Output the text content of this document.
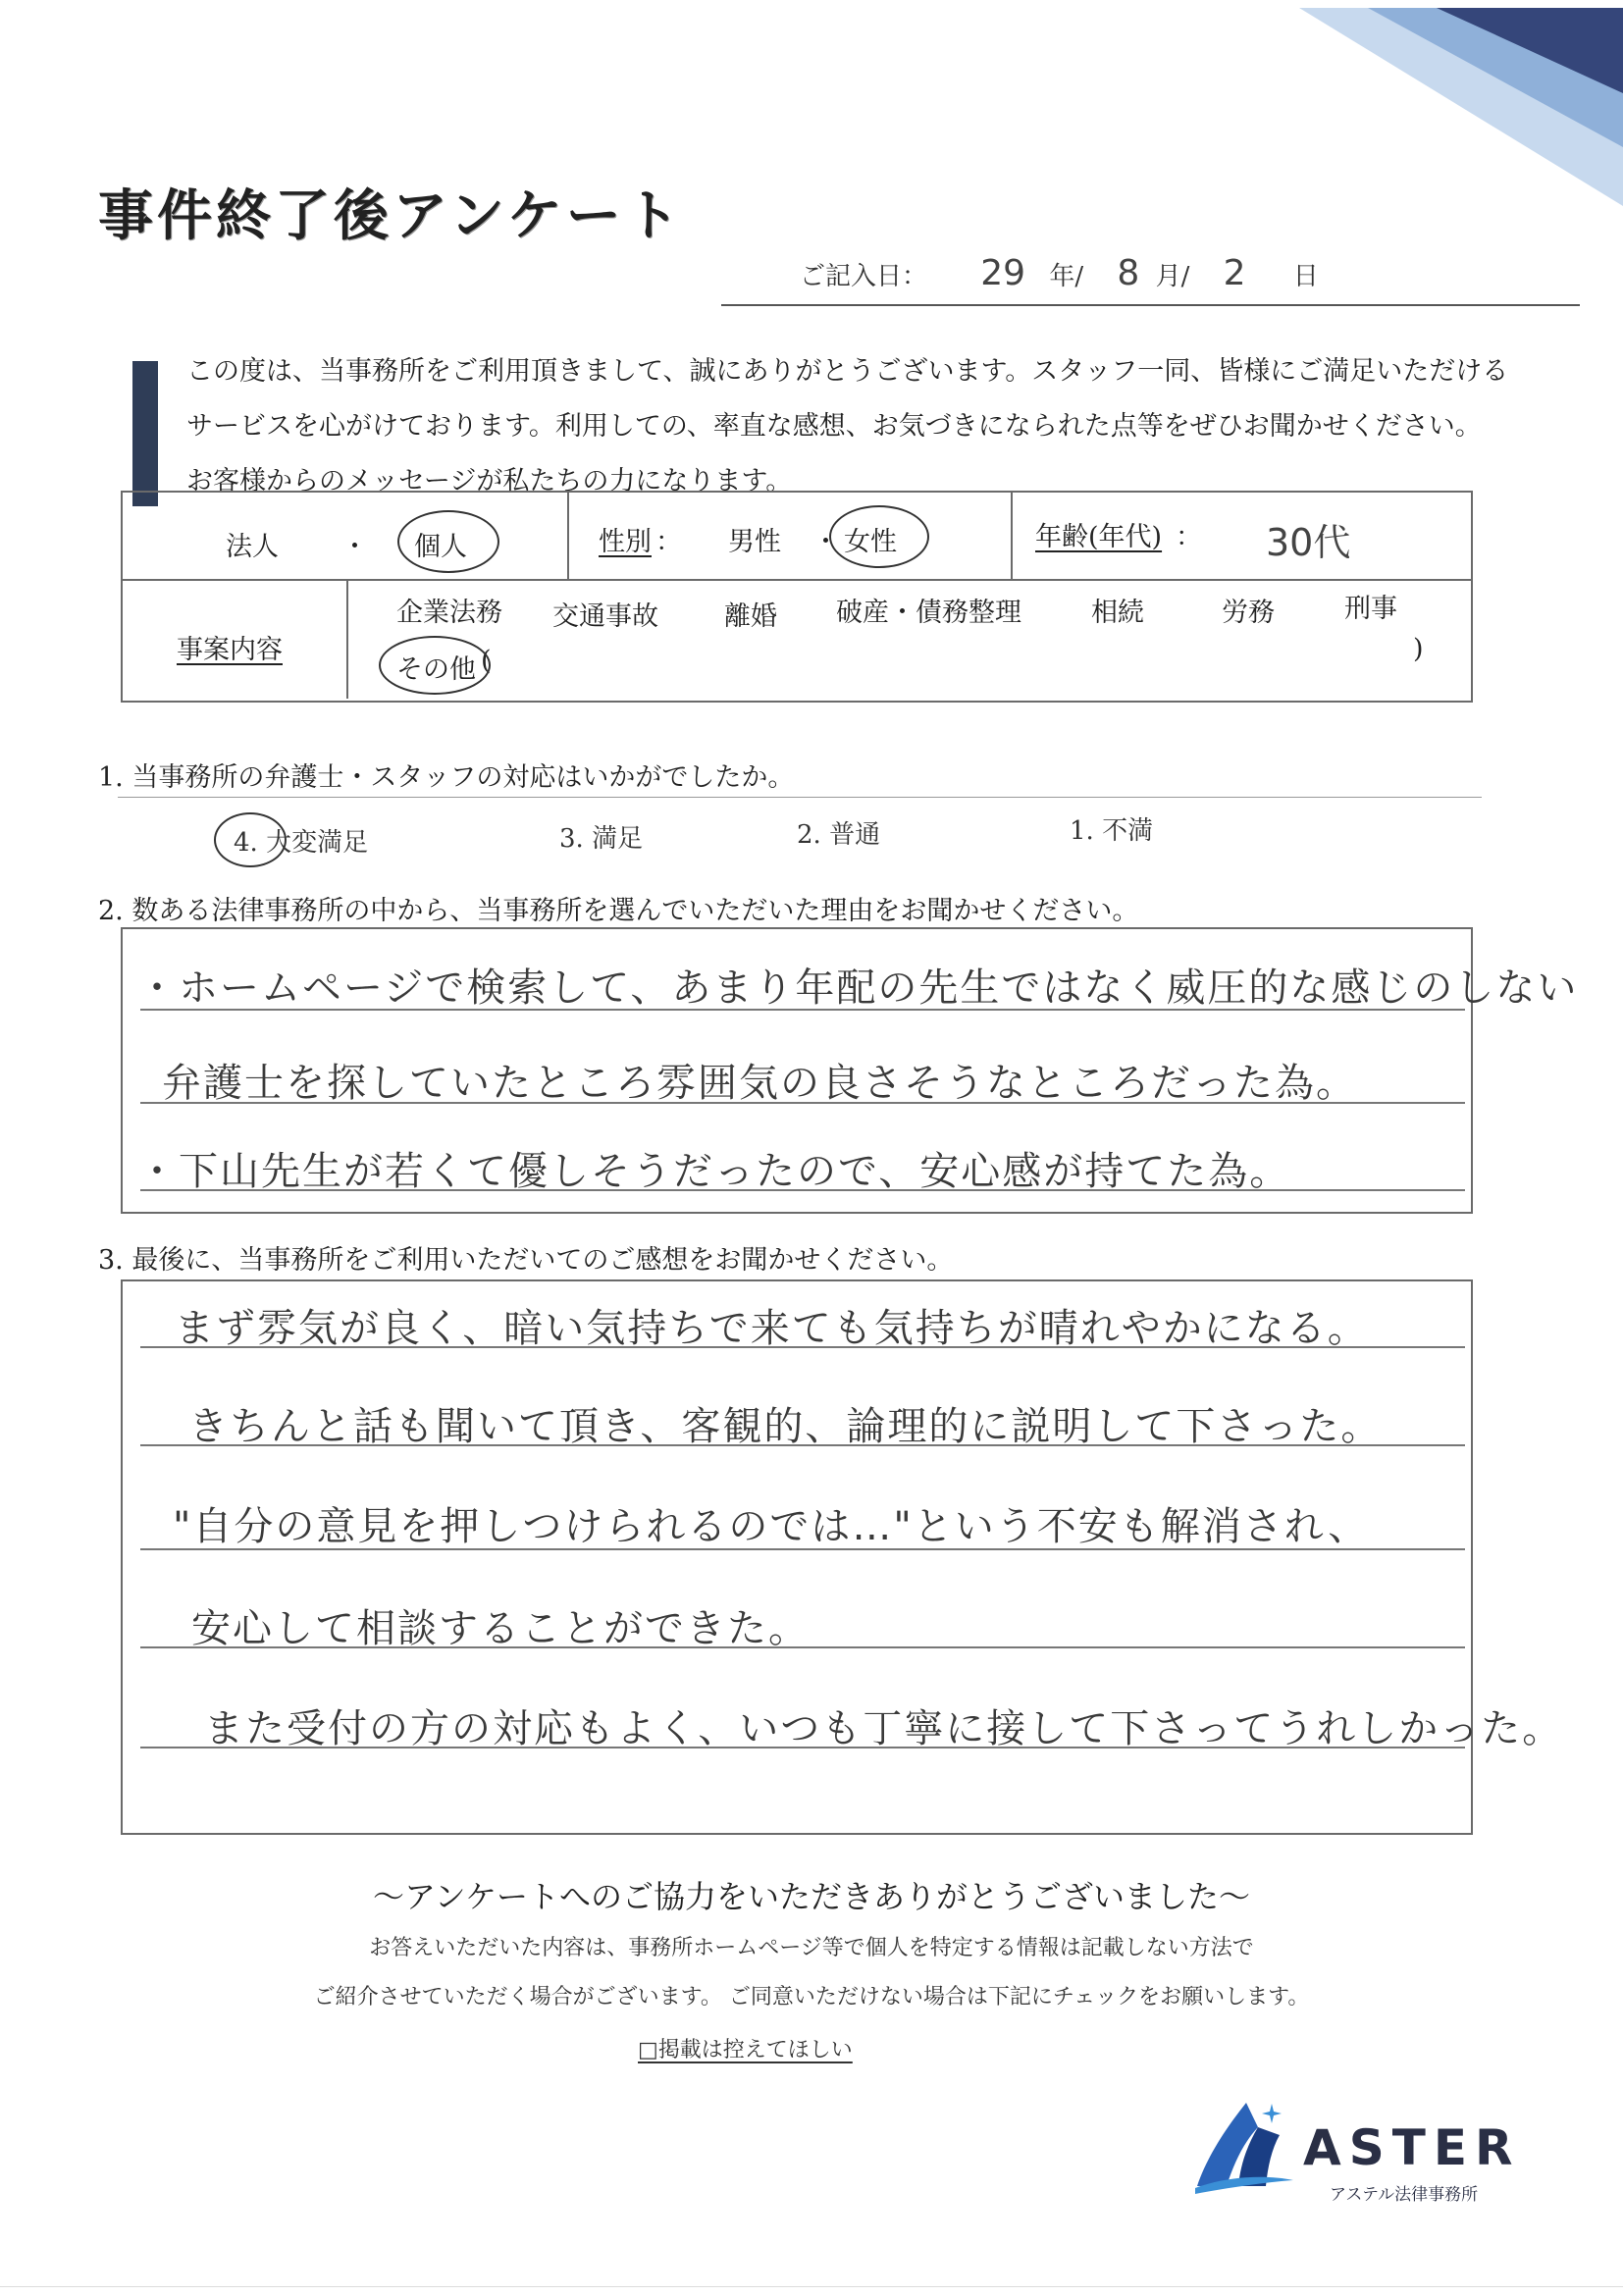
事件終了後アンケート
ご記入日： 29 年/ 8 月/ 2 日
この度は、当事務所をご利用頂きまして、誠にありがとうございます。スタッフ一同、皆様にご満足いただける
サービスを心がけております。利用しての、率直な感想、お気づきになられた点等をぜひお聞かせください。
お客様からのメッセージが私たちの力になります。
法人 ・ 個人	性別 ： 男性 ・ 女性	年齢(年代) ： 30代
事案内容
企業法務 交通事故 離婚 破産・債務整理	相続	労務	刑事
その他 (	)
1. 当事務所の弁護士・スタッフの対応はいかがでしたか。
4. 大変満足	3. 満足	2. 普通	1. 不満
2. 数ある法律事務所の中から、当事務所を選んでいただいた理由をお聞かせください。
・ホームページで検索して、あまり年配の先生ではなく威圧的な感じのしない
弁護士を探していたところ雰囲気の良さそうなところだった為。
・下山先生が若くて優しそうだったので、安心感が持てた為。
3. 最後に、当事務所をご利用いただいてのご感想をお聞かせください。
まず雰気が良く、暗い気持ちで来ても気持ちが晴れやかになる。
きちんと話も聞いて頂き、客観的、論理的に説明して下さった。
"自分の意見を押しつけられるのでは…"という不安も解消され、
安心して相談することができた。
また受付の方の対応もよく、いつも丁寧に接して下さってうれしかった。
～アンケートへのご協力をいただきありがとうございました～
お答えいただいた内容は、事務所ホームページ等で個人を特定する情報は記載しない方法で
ご紹介させていただく場合がございます。 ご同意いただけない場合は下記にチェックをお願いします。
□掲載は控えてほしい
ASTER
アステル法律事務所
